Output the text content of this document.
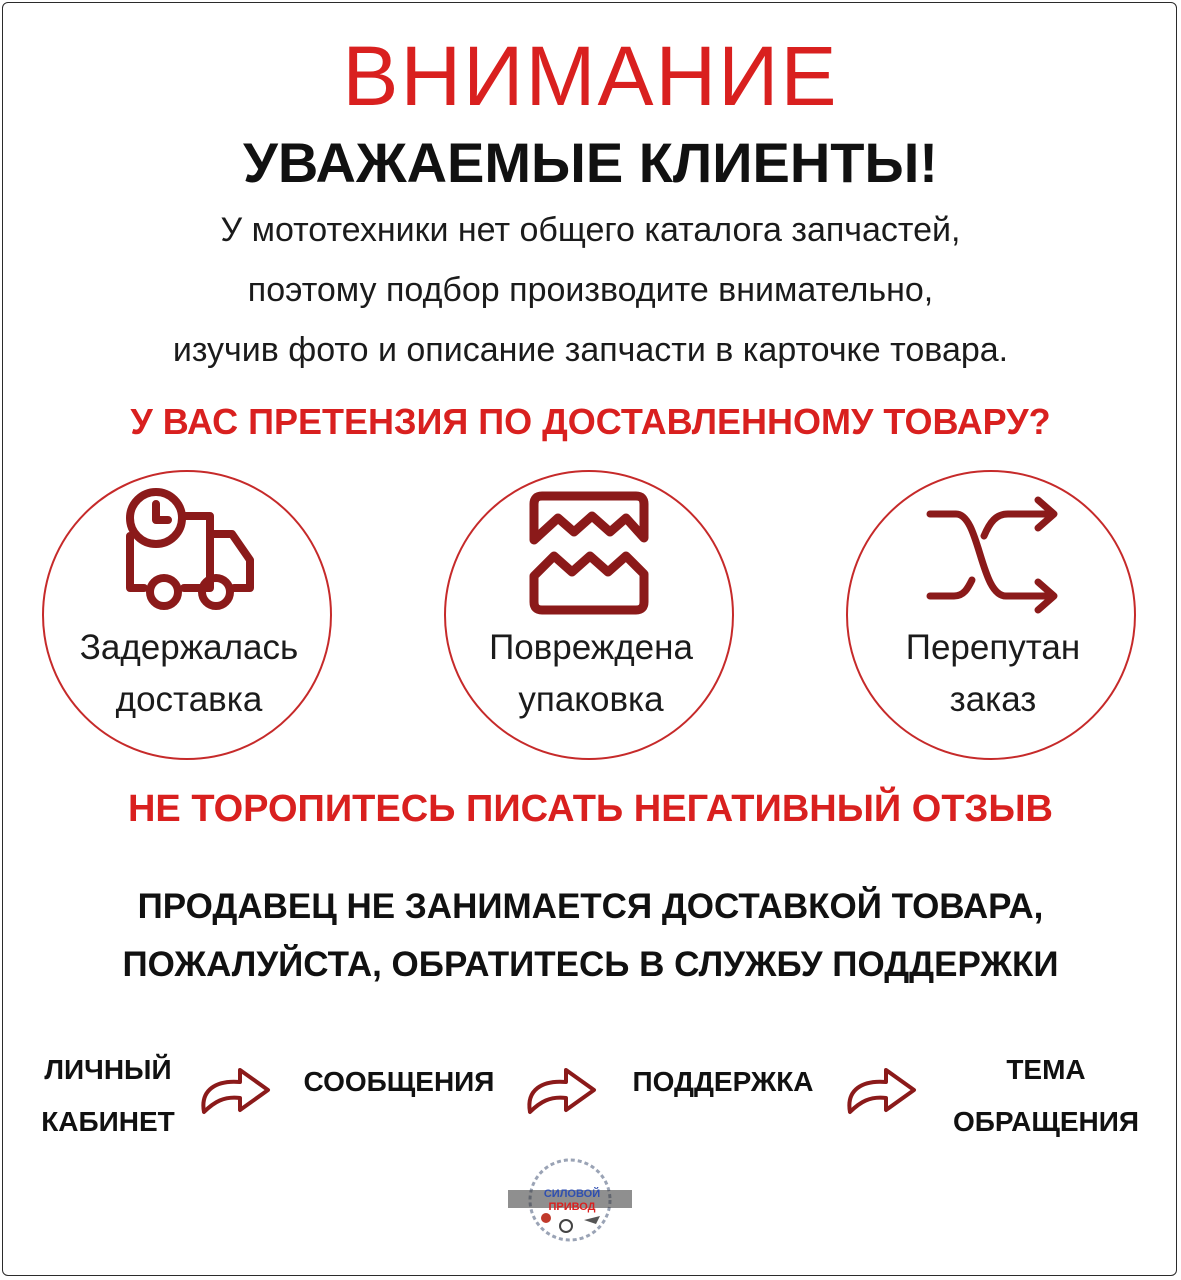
ВНИМАНИЕ
УВАЖАЕМЫЕ КЛИЕНТЫ!
У мототехники нет общего каталога запчастей,
поэтому подбор производите внимательно,
изучив фото и описание запчасти в карточке товара.
У ВАС ПРЕТЕНЗИЯ ПО ДОСТАВЛЕННОМУ ТОВАРУ?
Задержалась
доставка
Повреждена
упаковка
Перепутан
заказ
НЕ ТОРОПИТЕСЬ ПИСАТЬ НЕГАТИВНЫЙ ОТЗЫВ
ПРОДАВЕЦ НЕ ЗАНИМАЕТСЯ ДОСТАВКОЙ ТОВАРА,
ПОЖАЛУЙСТА, ОБРАТИТЕСЬ В СЛУЖБУ ПОДДЕРЖКИ
ЛИЧНЫЙ
КАБИНЕТ
СООБЩЕНИЯ	ПОДДЕРЖКА	ТЕМА
ОБРАЩЕНИЯ
СИЛОВОЙ
ПРИВОД
